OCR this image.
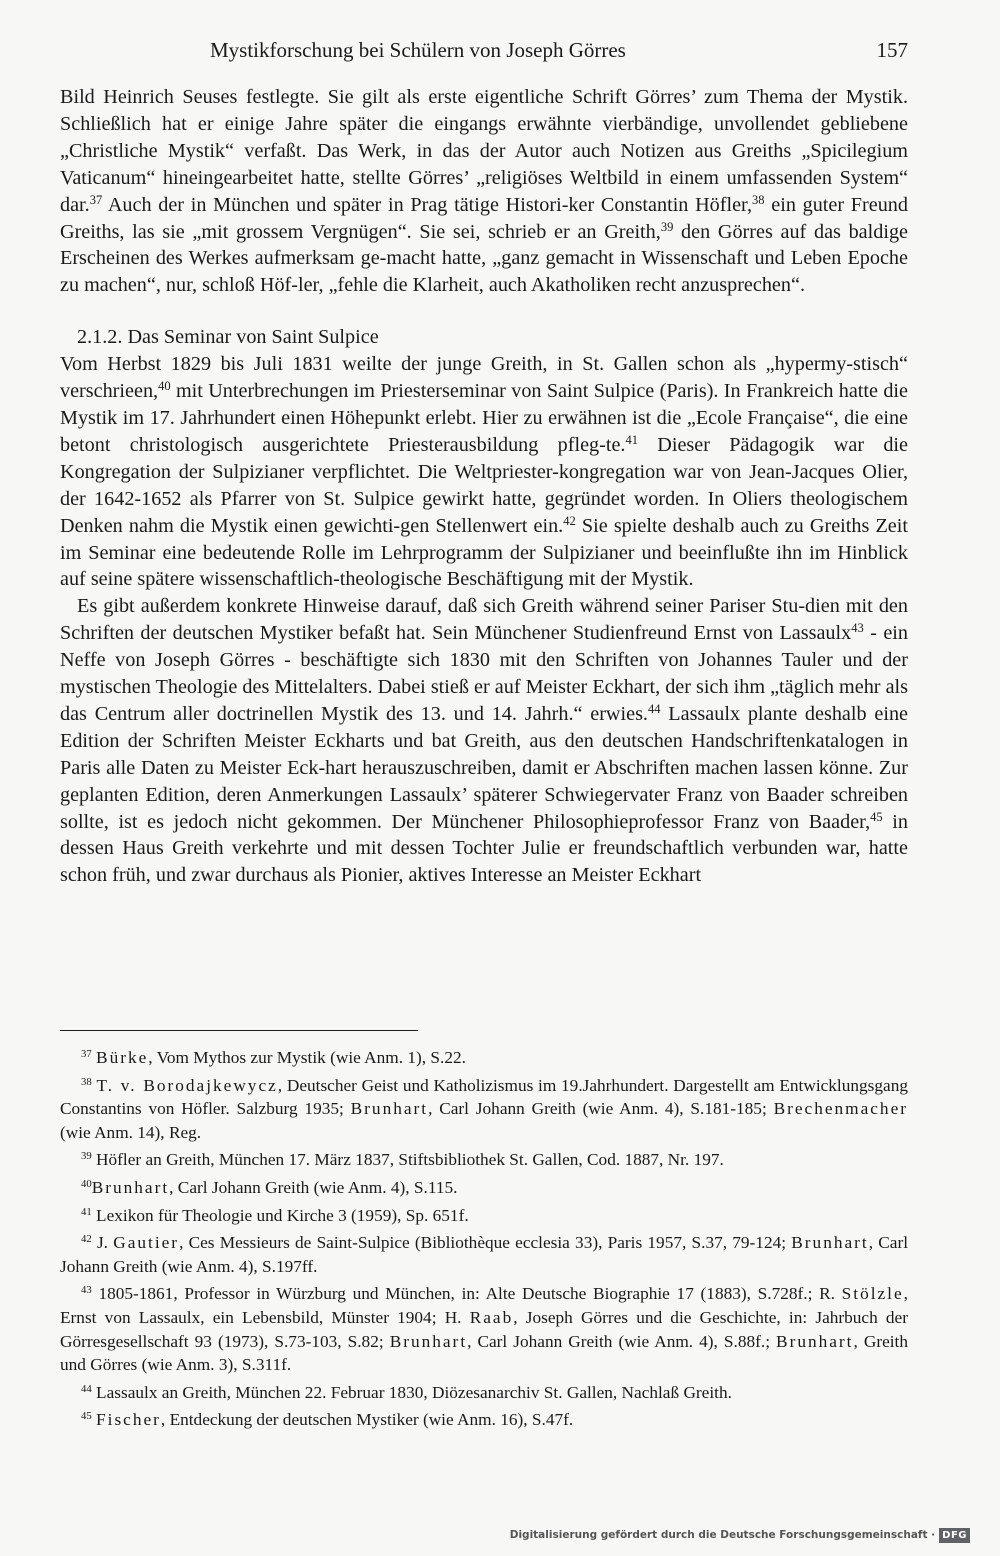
Mystikforschung bei Schülern von Joseph Görres	157

Bild Heinrich Seuses festlegte. Sie gilt als erste eigentliche Schrift Görres’ zum Thema der Mystik. Schließlich hat er einige Jahre später die eingangs erwähnte vierbändige, unvollendet gebliebene „Christliche Mystik“ verfaßt. Das Werk, in das der Autor auch Notizen aus Greiths „Spicilegium Vaticanum“ hineingearbeitet hatte, stellte Görres’ „religiöses Weltbild in einem umfassenden System“ dar.$^{37}$ Auch der in München und später in Prag tätige Histori-ker Constantin Höfler,$^{38}$ ein guter Freund Greiths, las sie „mit grossem Vergnügen“. Sie sei, schrieb er an Greith,$^{39}$ den Görres auf das baldige Erscheinen des Werkes aufmerksam ge-macht hatte, „ganz gemacht in Wissenschaft und Leben Epoche zu machen“, nur, schloß Höf-ler, „fehle die Klarheit, auch Akatholiken recht anzusprechen“.

2.1.2. Das Seminar von Saint Sulpice

Vom Herbst 1829 bis Juli 1831 weilte der junge Greith, in St. Gallen schon als „hypermy-stisch“ verschrieen,$^{40}$ mit Unterbrechungen im Priesterseminar von Saint Sulpice (Paris). In Frankreich hatte die Mystik im 17. Jahrhundert einen Höhepunkt erlebt. Hier zu erwähnen ist die „Ecole Française“, die eine betont christologisch ausgerichtete Priesterausbildung pfleg-te.$^{41}$ Dieser Pädagogik war die Kongregation der Sulpizianer verpflichtet. Die Weltpriester-kongregation war von Jean-Jacques Olier, der 1642-1652 als Pfarrer von St. Sulpice gewirkt hatte, gegründet worden. In Oliers theologischem Denken nahm die Mystik einen gewichti-gen Stellenwert ein.$^{42}$ Sie spielte deshalb auch zu Greiths Zeit im Seminar eine bedeutende Rolle im Lehrprogramm der Sulpizianer und beeinflußte ihn im Hinblick auf seine spätere wissenschaftlich-theologische Beschäftigung mit der Mystik.

Es gibt außerdem konkrete Hinweise darauf, daß sich Greith während seiner Pariser Stu-dien mit den Schriften der deutschen Mystiker befaßt hat. Sein Münchener Studienfreund Ernst von Lassaulx$^{43}$ - ein Neffe von Joseph Görres - beschäftigte sich 1830 mit den Schriften von Johannes Tauler und der mystischen Theologie des Mittelalters. Dabei stieß er auf Meister Eckhart, der sich ihm „täglich mehr als das Centrum aller doctrinellen Mystik des 13. und 14. Jahrh.“ erwies.$^{44}$ Lassaulx plante deshalb eine Edition der Schriften Meister Eckharts und bat Greith, aus den deutschen Handschriftenkatalogen in Paris alle Daten zu Meister Eck-hart herauszuschreiben, damit er Abschriften machen lassen könne. Zur geplanten Edition, deren Anmerkungen Lassaulx’ späterer Schwiegervater Franz von Baader schreiben sollte, ist es jedoch nicht gekommen. Der Münchener Philosophieprofessor Franz von Baader,$^{45}$ in dessen Haus Greith verkehrte und mit dessen Tochter Julie er freundschaftlich verbunden war, hatte schon früh, und zwar durchaus als Pionier, aktives Interesse an Meister Eckhart

$^{37}$ Bürke, Vom Mythos zur Mystik (wie Anm. 1), S.22.

$^{38}$ T. v. Borodajkewycz, Deutscher Geist und Katholizismus im 19.Jahrhundert. Dargestellt am Entwicklungsgang Constantins von Höfler. Salzburg 1935; Brunhart, Carl Johann Greith (wie Anm. 4), S.181-185; Brechenmacher (wie Anm. 14), Reg.

$^{39}$ Höfler an Greith, München 17. März 1837, Stiftsbibliothek St. Gallen, Cod. 1887, Nr. 197.

$^{40}$Brunhart, Carl Johann Greith (wie Anm. 4), S.115.

$^{41}$ Lexikon für Theologie und Kirche 3 (1959), Sp. 651f.

$^{42}$ J. Gautier, Ces Messieurs de Saint-Sulpice (Bibliothèque ecclesia 33), Paris 1957, S.37, 79-124; Brunhart, Carl Johann Greith (wie Anm. 4), S.197ff.

$^{43}$ 1805-1861, Professor in Würzburg und München, in: Alte Deutsche Biographie 17 (1883), S.728f.; R. Stölzle, Ernst von Lassaulx, ein Lebensbild, Münster 1904; H. Raab, Joseph Görres und die Geschichte, in: Jahrbuch der Görresgesellschaft 93 (1973), S.73-103, S.82; Brunhart, Carl Johann Greith (wie Anm. 4), S.88f.; Brunhart, Greith und Görres (wie Anm. 3), S.311f.

$^{44}$ Lassaulx an Greith, München 22. Februar 1830, Diözesanarchiv St. Gallen, Nachlaß Greith.

$^{45}$ Fischer, Entdeckung der deutschen Mystiker (wie Anm. 16), S.47f.

Digitalisierung gefördert durch die Deutsche Forschungsgemeinschaft · DFG
